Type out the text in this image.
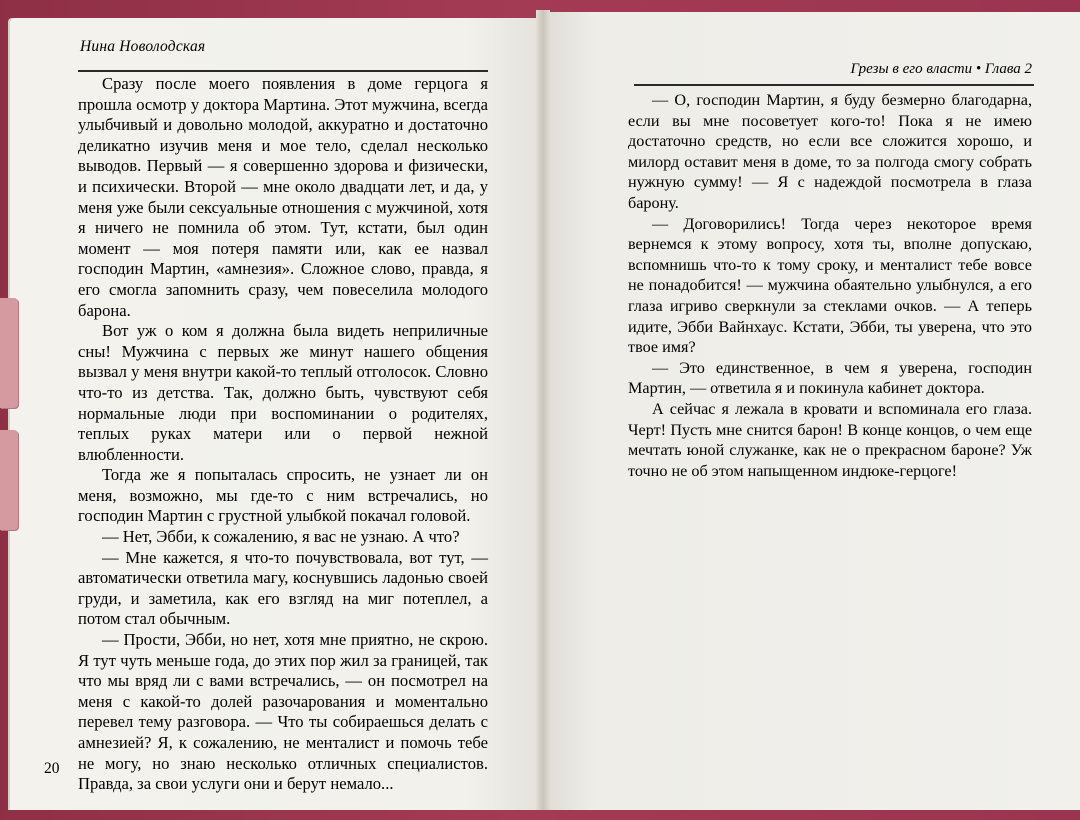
Нина Новолодская

Сразу после моего появления в доме герцога я прошла осмотр у доктора Мартина. Этот мужчина, всегда улыбчивый и довольно молодой, аккуратно и достаточно деликатно изучив меня и мое тело, сделал несколько выводов. Первый — я совершенно здорова и физически, и психически. Второй — мне около двадцати лет, и да, у меня уже были сексуальные отношения с мужчиной, хотя я ничего не помнила об этом. Тут, кстати, был один момент — моя потеря памяти или, как ее назвал господин Мартин, «амнезия». Сложное слово, правда, я его смогла запомнить сразу, чем повеселила молодого барона.

Вот уж о ком я должна была видеть неприличные сны! Мужчина с первых же минут нашего общения вызвал у меня внутри какой-то теплый отголосок. Словно что-то из детства. Так, должно быть, чувствуют себя нормальные люди при воспоминании о родителях, теплых руках матери или о первой нежной влюбленности.

Тогда же я попыталась спросить, не узнает ли он меня, возможно, мы где-то с ним встречались, но господин Мартин с грустной улыбкой покачал головой.

— Нет, Эбби, к сожалению, я вас не узнаю. А что?

— Мне кажется, я что-то почувствовала, вот тут, — автоматически ответила магу, коснувшись ладонью своей груди, и заметила, как его взгляд на миг потеплел, а потом стал обычным.

— Прости, Эбби, но нет, хотя мне приятно, не скрою. Я тут чуть меньше года, до этих пор жил за границей, так что мы вряд ли с вами встречались, — он посмотрел на меня с какой-то долей разочарования и моментально перевел тему разговора. — Что ты собираешься делать с амнезией? Я, к сожалению, не менталист и помочь тебе не могу, но знаю несколько отличных специалистов. Правда, за свои услуги они и берут немало...

20
Грезы в его власти • Глава 2

— О, господин Мартин, я буду безмерно благодарна, если вы мне посоветует кого-то! Пока я не имею достаточно средств, но если все сложится хорошо, и милорд оставит меня в доме, то за полгода смогу собрать нужную сумму! — Я с надеждой посмотрела в глаза барону.

— Договорились! Тогда через некоторое время вернемся к этому вопросу, хотя ты, вполне допускаю, вспомнишь что-то к тому сроку, и менталист тебе вовсе не понадобится! — мужчина обаятельно улыбнулся, а его глаза игриво сверкнули за стеклами очков. — А теперь идите, Эбби Вайнхаус. Кстати, Эбби, ты уверена, что это твое имя?

— Это единственное, в чем я уверена, господин Мартин, — ответила я и покинула кабинет доктора.

А сейчас я лежала в кровати и вспоминала его глаза. Черт! Пусть мне снится барон! В конце концов, о чем еще мечтать юной служанке, как не о прекрасном бароне? Уж точно не об этом напыщенном индюке-герцоге!
